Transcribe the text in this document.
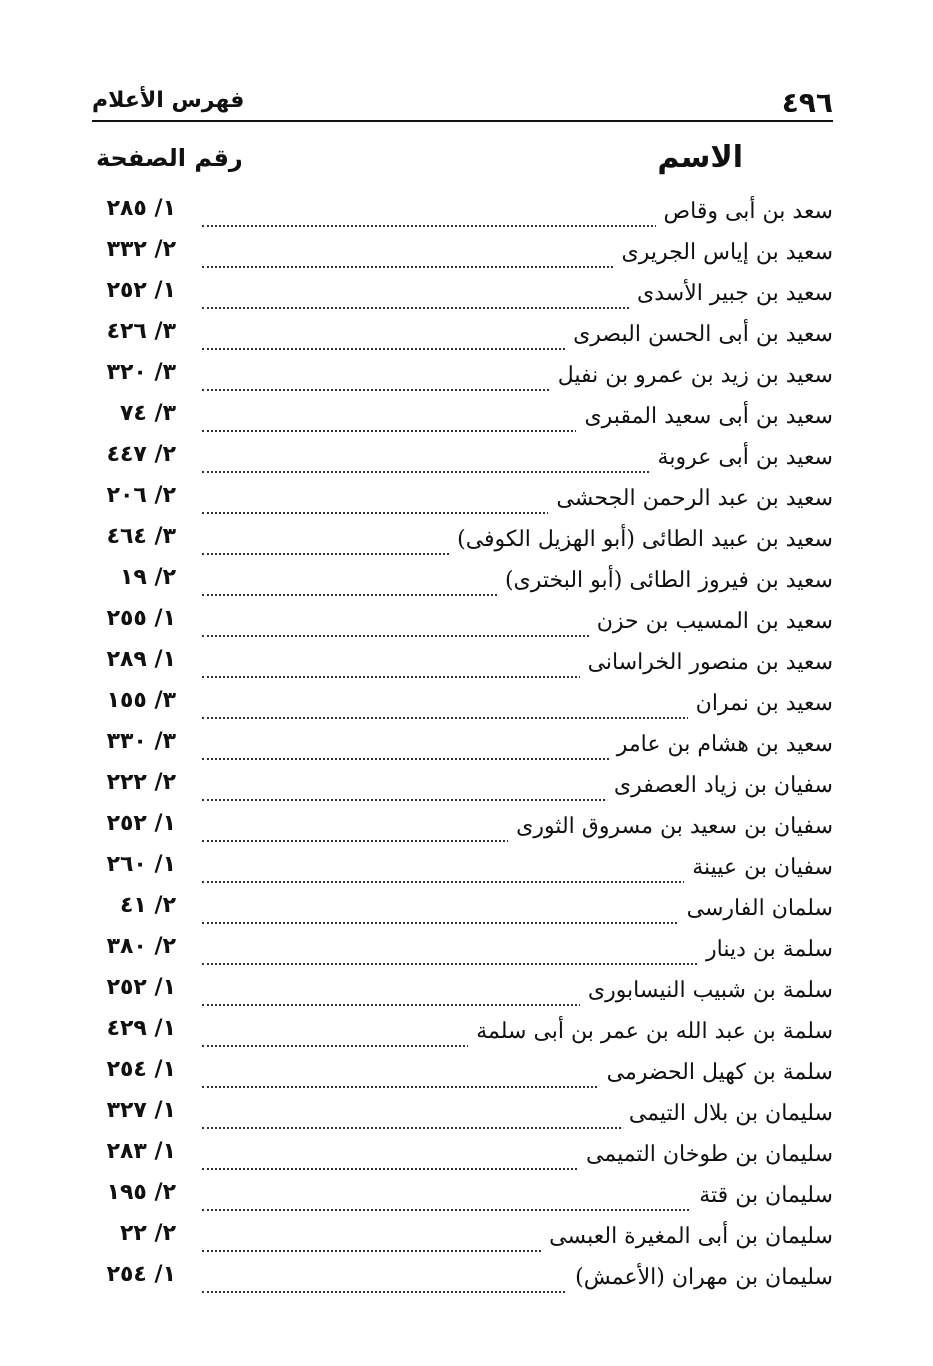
٤٩٦
فهرس الأعلام
الاسم
رقم الصفحة
١/ ٢٨٥	سعد بن أبى وقاص
٢/ ٣٣٢	سعيد بن إياس الجريرى
١/ ٢٥٢	سعيد بن جبير الأسدى
٣/ ٤٢٦	سعيد بن أبى الحسن البصرى
٣/ ٣٢٠	سعيد بن زيد بن عمرو بن نفيل
٣/ ٧٤	سعيد بن أبى سعيد المقبرى
٢/ ٤٤٧	سعيد بن أبى عروبة
٢/ ٢٠٦	سعيد بن عبد الرحمن الجحشى
٣/ ٤٦٤	سعيد بن عبيد الطائى (أبو الهزيل الكوفى)
٢/ ١٩	سعيد بن فيروز الطائى (أبو البخترى)
١/ ٢٥٥	سعيد بن المسيب بن حزن
١/ ٢٨٩	سعيد بن منصور الخراسانى
٣/ ١٥٥	سعيد بن نمران
٣/ ٣٣٠	سعيد بن هشام بن عامر
٢/ ٢٢٢	سفيان بن زياد العصفرى
١/ ٢٥٢	سفيان بن سعيد بن مسروق الثورى
١/ ٢٦٠	سفيان بن عيينة
٢/ ٤١	سلمان الفارسى
٢/ ٣٨٠	سلمة بن دينار
١/ ٢٥٢	سلمة بن شبيب النيسابورى
١/ ٤٢٩	سلمة بن عبد الله بن عمر بن أبى سلمة
١/ ٢٥٤	سلمة بن كهيل الحضرمى
١/ ٣٢٧	سليمان بن بلال التيمى
١/ ٢٨٣	سليمان بن طوخان التميمى
٢/ ١٩٥	سليمان بن قتة
٢/ ٢٢	سليمان بن أبى المغيرة العبسى
١/ ٢٥٤	سليمان بن مهران (الأعمش)
